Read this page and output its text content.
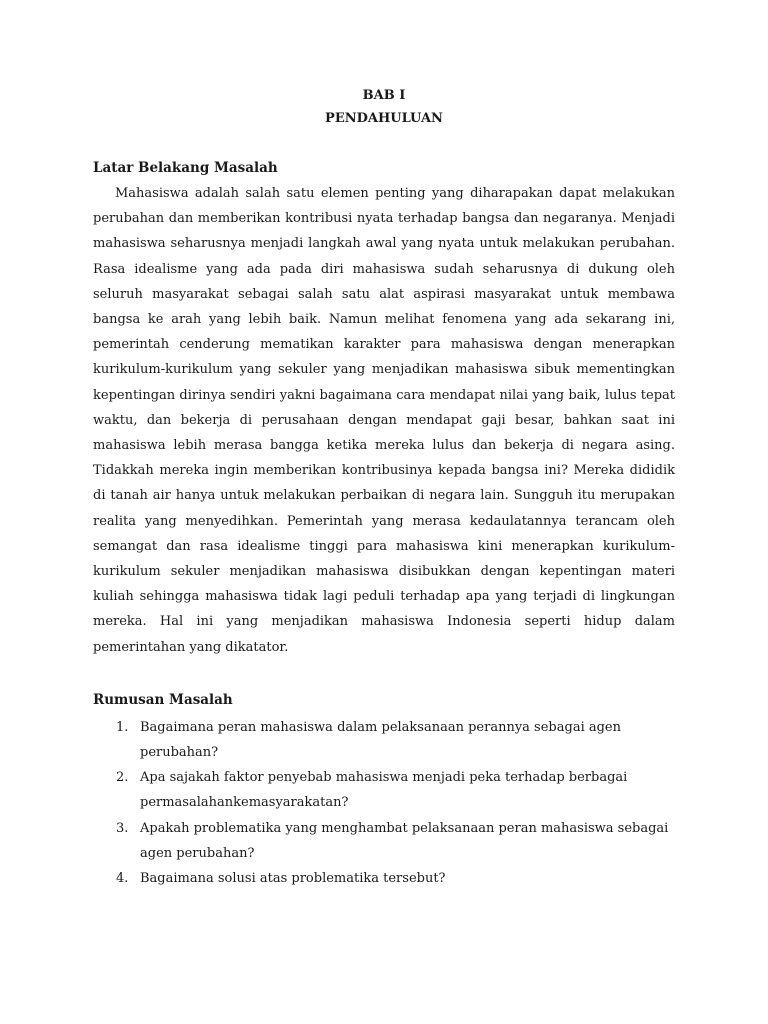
BAB I
PENDAHULUAN
Latar Belakang Masalah

Mahasiswa adalah salah satu elemen penting yang diharapakan dapat melakukan perubahan dan memberikan kontribusi nyata terhadap bangsa dan negaranya. Menjadi mahasiswa seharusnya menjadi langkah awal yang nyata untuk melakukan perubahan. Rasa idealisme yang ada pada diri mahasiswa sudah seharusnya di dukung oleh seluruh masyarakat sebagai salah satu alat aspirasi masyarakat untuk membawa bangsa ke arah yang lebih baik. Namun melihat fenomena yang ada sekarang ini, pemerintah cenderung mematikan karakter para mahasiswa dengan menerapkan kurikulum-kurikulum yang sekuler yang menjadikan mahasiswa sibuk mementingkan kepentingan dirinya sendiri yakni bagaimana cara mendapat nilai yang baik, lulus tepat waktu, dan bekerja di perusahaan dengan mendapat gaji besar, bahkan saat ini mahasiswa lebih merasa bangga ketika mereka lulus dan bekerja di negara asing. Tidakkah mereka ingin memberikan kontribusinya kepada bangsa ini? Mereka dididik di tanah air hanya untuk melakukan perbaikan di negara lain. Sungguh itu merupakan realita yang menyedihkan. Pemerintah yang merasa kedaulatannya terancam oleh semangat dan rasa idealisme tinggi para mahasiswa kini menerapkan kurikulum-kurikulum sekuler menjadikan mahasiswa disibukkan dengan kepentingan materi kuliah sehingga mahasiswa tidak lagi peduli terhadap apa yang terjadi di lingkungan mereka. Hal ini yang menjadikan mahasiswa Indonesia seperti hidup dalam pemerintahan yang dikatator.

Rumusan Masalah
1. Bagaimana peran mahasiswa dalam pelaksanaan perannya sebagai agen perubahan?
2. Apa sajakah faktor penyebab mahasiswa menjadi peka terhadap berbagai permasalahankemasyarakatan?
3. Apakah problematika yang menghambat pelaksanaan peran mahasiswa sebagai agen perubahan?
4. Bagaimana solusi atas problematika tersebut?
